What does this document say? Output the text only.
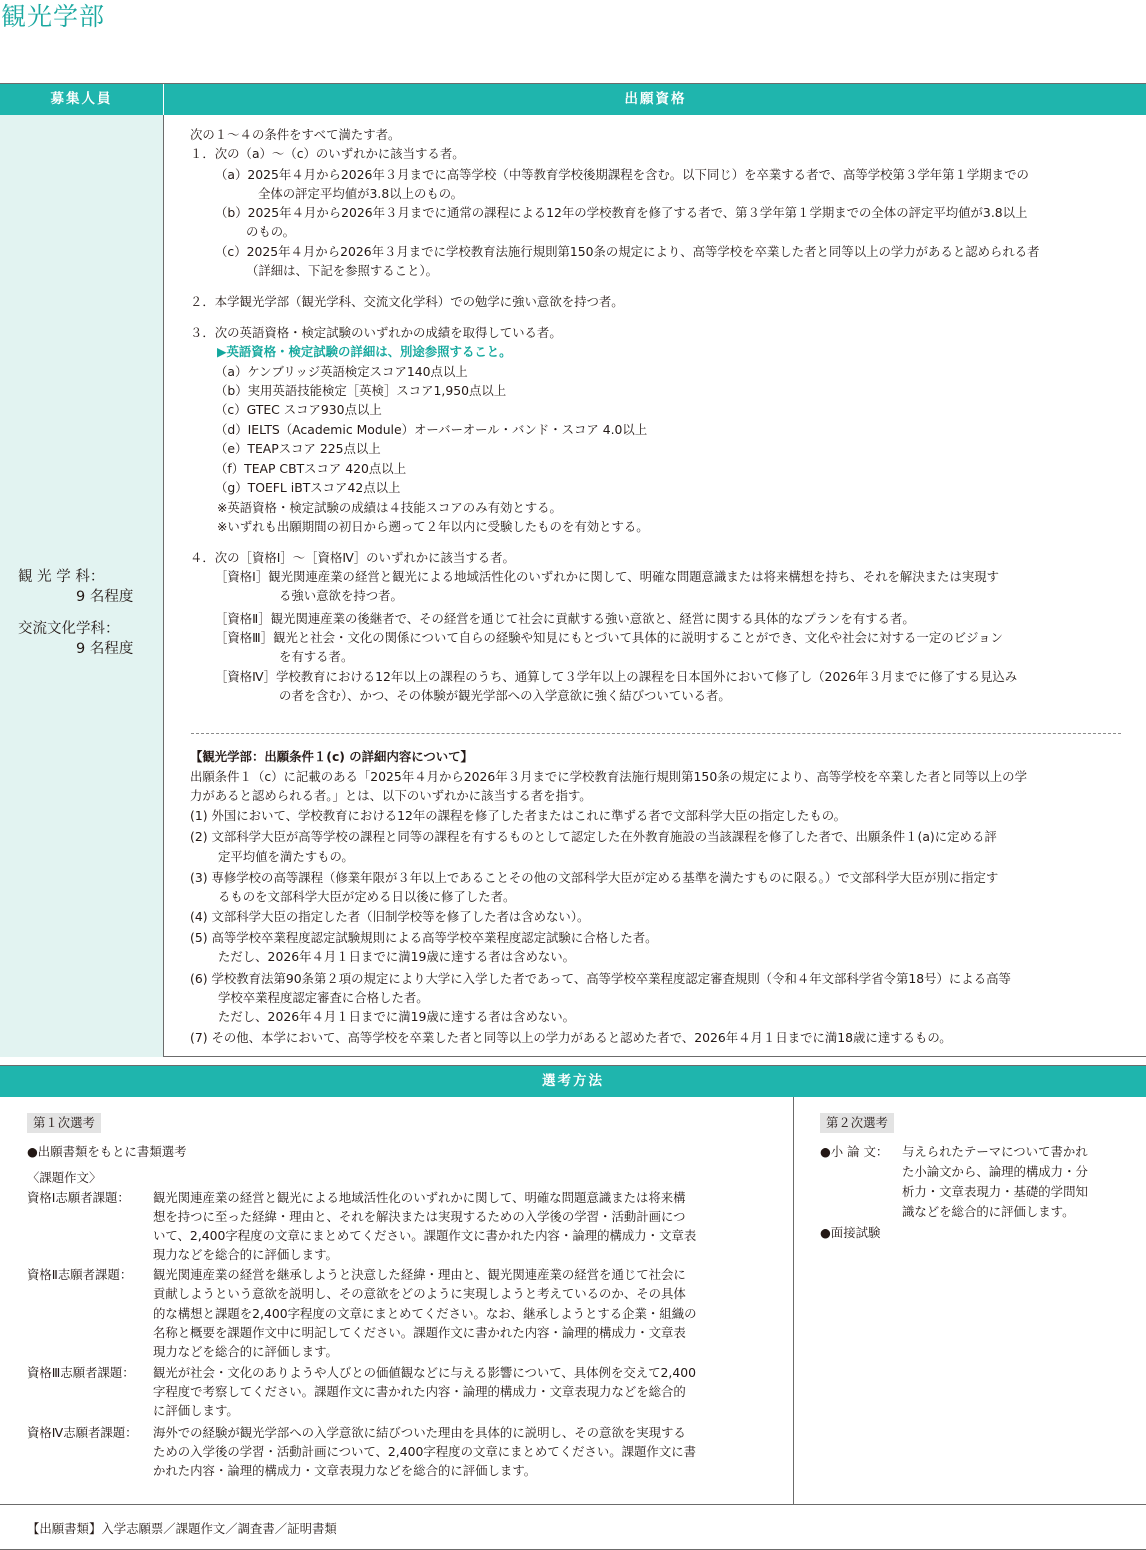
観光学部
募集人員	出願資格
観 光 学 科：
9 名程度
交流文化学科：
9 名程度
次の１～４の条件をすべて満たす者。
１．次の（a）～（c）のいずれかに該当する者。
（a）2025年４月から2026年３月までに高等学校（中等教育学校後期課程を含む。以下同じ）を卒業する者で、高等学校第３学年第１学期までの
全体の評定平均値が3.8以上のもの。
（b）2025年４月から2026年３月までに通常の課程による12年の学校教育を修了する者で、第３学年第１学期までの全体の評定平均値が3.8以上
のもの。
（c）2025年４月から2026年３月までに学校教育法施行規則第150条の規定により、高等学校を卒業した者と同等以上の学力があると認められる者
（詳細は、下記を参照すること）。
２．本学観光学部（観光学科、交流文化学科）での勉学に強い意欲を持つ者。
３．次の英語資格・検定試験のいずれかの成績を取得している者。
▶英語資格・検定試験の詳細は、別途参照すること。
（a）ケンブリッジ英語検定スコア140点以上
（b）実用英語技能検定［英検］スコア1,950点以上
（c）GTEC スコア930点以上
（d）IELTS（Academic Module）オーバーオール・バンド・スコア 4.0以上
（e）TEAPスコア 225点以上
（f）TEAP CBTスコア 420点以上
（g）TOEFL iBTスコア42点以上
※英語資格・検定試験の成績は４技能スコアのみ有効とする。
※いずれも出願期間の初日から遡って２年以内に受験したものを有効とする。
４．次の［資格Ⅰ］～［資格Ⅳ］のいずれかに該当する者。
［資格Ⅰ］観光関連産業の経営と観光による地域活性化のいずれかに関して、明確な問題意識または将来構想を持ち、それを解決または実現す
る強い意欲を持つ者。
［資格Ⅱ］観光関連産業の後継者で、その経営を通じて社会に貢献する強い意欲と、経営に関する具体的なプランを有する者。
［資格Ⅲ］観光と社会・文化の関係について自らの経験や知見にもとづいて具体的に説明することができ、文化や社会に対する一定のビジョン
を有する者。
［資格Ⅳ］学校教育における12年以上の課程のうち、通算して３学年以上の課程を日本国外において修了し（2026年３月までに修了する見込み
の者を含む）、かつ、その体験が観光学部への入学意欲に強く結びついている者。
【観光学部：出願条件１(c) の詳細内容について】
出願条件１（c）に記載のある「2025年４月から2026年３月までに学校教育法施行規則第150条の規定により、高等学校を卒業した者と同等以上の学
力があると認められる者。」とは、以下のいずれかに該当する者を指す。
(1) 外国において、学校教育における12年の課程を修了した者またはこれに準ずる者で文部科学大臣の指定したもの。
(2) 文部科学大臣が高等学校の課程と同等の課程を有するものとして認定した在外教育施設の当該課程を修了した者で、出願条件１(a)に定める評
定平均値を満たすもの。
(3) 専修学校の高等課程（修業年限が３年以上であることその他の文部科学大臣が定める基準を満たすものに限る。）で文部科学大臣が別に指定す
るものを文部科学大臣が定める日以後に修了した者。
(4) 文部科学大臣の指定した者（旧制学校等を修了した者は含めない）。
(5) 高等学校卒業程度認定試験規則による高等学校卒業程度認定試験に合格した者。
ただし、2026年４月１日までに満19歳に達する者は含めない。
(6) 学校教育法第90条第２項の規定により大学に入学した者であって、高等学校卒業程度認定審査規則（令和４年文部科学省令第18号）による高等
学校卒業程度認定審査に合格した者。
ただし、2026年４月１日までに満19歳に達する者は含めない。
(7) その他、本学において、高等学校を卒業した者と同等以上の学力があると認めた者で、2026年４月１日までに満18歳に達するもの。
選考方法
第１次選考
●出願書類をもとに書類選考
〈課題作文〉
資格Ⅰ志願者課題： 観光関連産業の経営と観光による地域活性化のいずれかに関して、明確な問題意識または将来構
想を持つに至った経緯・理由と、それを解決または実現するための入学後の学習・活動計画につ
いて、2,400字程度の文章にまとめてください。課題作文に書かれた内容・論理的構成力・文章表
現力などを総合的に評価します。
資格Ⅱ志願者課題： 観光関連産業の経営を継承しようと決意した経緯・理由と、観光関連産業の経営を通じて社会に
貢献しようという意欲を説明し、その意欲をどのように実現しようと考えているのか、その具体
的な構想と課題を2,400字程度の文章にまとめてください。なお、継承しようとする企業・組織の
名称と概要を課題作文中に明記してください。課題作文に書かれた内容・論理的構成力・文章表
現力などを総合的に評価します。
資格Ⅲ志願者課題： 観光が社会・文化のありようや人びとの価値観などに与える影響について、具体例を交えて2,400
字程度で考察してください。課題作文に書かれた内容・論理的構成力・文章表現力などを総合的
に評価します。
資格Ⅳ志願者課題： 海外での経験が観光学部への入学意欲に結びついた理由を具体的に説明し、その意欲を実現する
ための入学後の学習・活動計画について、2,400字程度の文章にまとめてください。課題作文に書
かれた内容・論理的構成力・文章表現力などを総合的に評価します。
第２次選考
●小 論 文： 与えられたテーマについて書かれ
た小論文から、論理的構成力・分
析力・文章表現力・基礎的学問知
識などを総合的に評価します。
●面接試験
【出願書類】入学志願票／課題作文／調査書／証明書類
